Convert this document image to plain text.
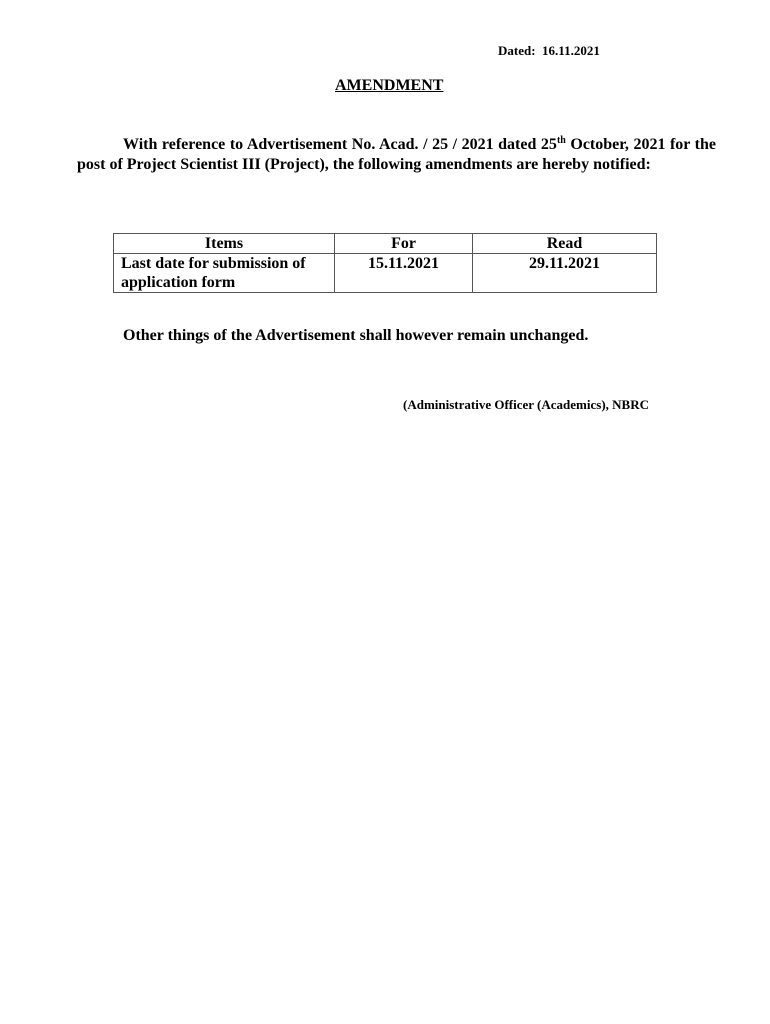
Dated: 16.11.2021
AMENDMENT

With reference to Advertisement No. Acad. / 25 / 2021 dated 25th October, 2021 for the post of Project Scientist III (Project), the following amendments are hereby notified:

Items	For	Read
Last date for submission of application form	15.11.2021	29.11.2021
Other things of the Advertisement shall however remain unchanged.
(Administrative Officer (Academics), NBRC
